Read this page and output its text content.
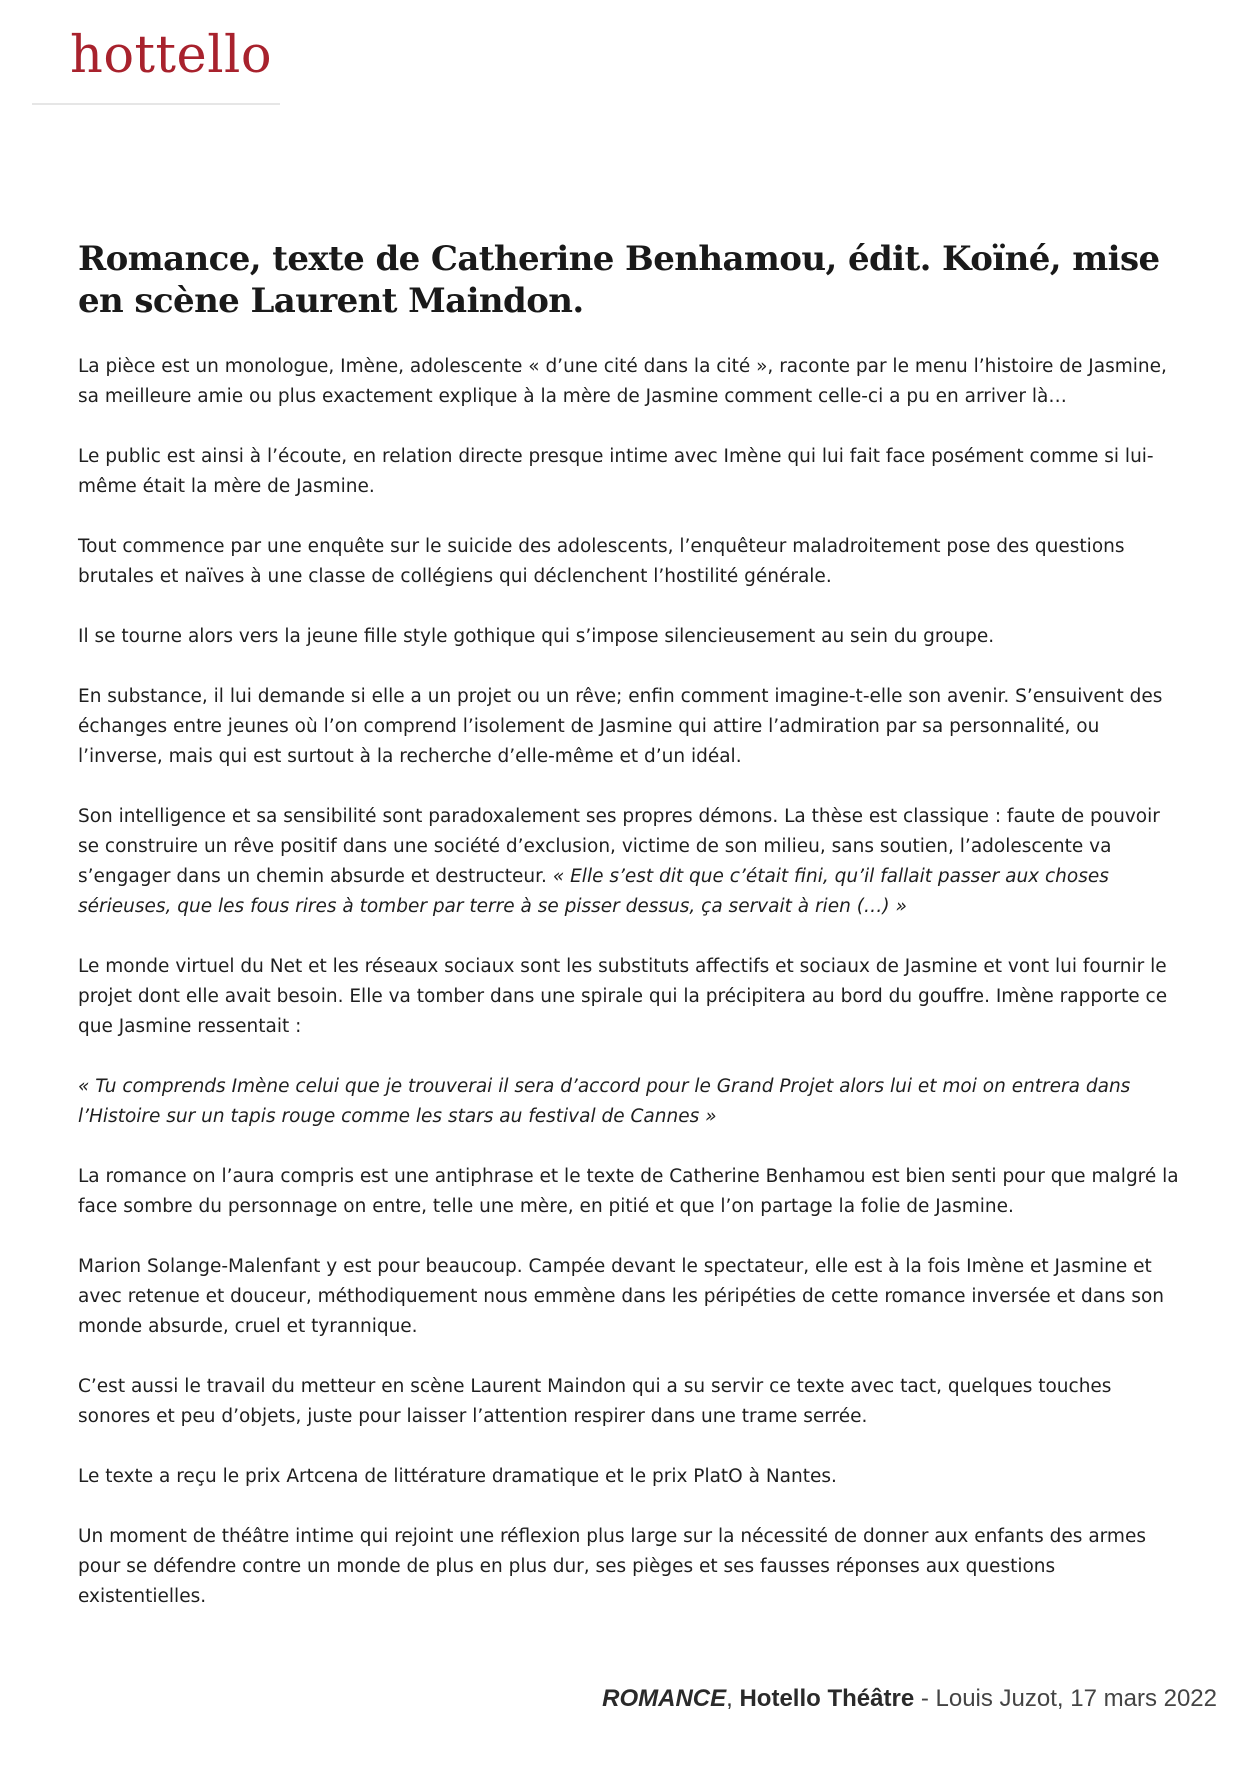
hottello
Romance, texte de Catherine Benhamou, édit. Koïné, mise en scène Laurent Maindon.

La pièce est un monologue, Imène, adolescente « d’une cité dans la cité », raconte par le menu l’histoire de Jasmine, sa meilleure amie ou plus exactement explique à la mère de Jasmine comment celle-ci a pu en arriver là…

Le public est ainsi à l’écoute, en relation directe presque intime avec Imène qui lui fait face posément comme si lui-même était la mère de Jasmine.

Tout commence par une enquête sur le suicide des adolescents, l’enquêteur maladroitement pose des questions brutales et naïves à une classe de collégiens qui déclenchent l’hostilité générale.

Il se tourne alors vers la jeune fille style gothique qui s’impose silencieusement au sein du groupe.

En substance, il lui demande si elle a un projet ou un rêve; enfin comment imagine-t-elle son avenir. S’ensuivent des échanges entre jeunes où l’on comprend l’isolement de Jasmine qui attire l’admiration par sa personnalité, ou l’inverse, mais qui est surtout à la recherche d’elle-même et d’un idéal.

Son intelligence et sa sensibilité sont paradoxalement ses propres démons. La thèse est classique : faute de pouvoir se construire un rêve positif dans une société d’exclusion, victime de son milieu, sans soutien, l’adolescente va s’engager dans un chemin absurde et destructeur. « Elle s’est dit que c’était fini, qu’il fallait passer aux choses sérieuses, que les fous rires à tomber par terre à se pisser dessus, ça servait à rien (…) »

Le monde virtuel du Net et les réseaux sociaux sont les substituts affectifs et sociaux de Jasmine et vont lui fournir le projet dont elle avait besoin. Elle va tomber dans une spirale qui la précipitera au bord du gouffre. Imène rapporte ce que Jasmine ressentait :

« Tu comprends Imène celui que je trouverai il sera d’accord pour le Grand Projet alors lui et moi on entrera dans l’Histoire sur un tapis rouge comme les stars au festival de Cannes »

La romance on l’aura compris est une antiphrase et le texte de Catherine Benhamou est bien senti pour que malgré la face sombre du personnage on entre, telle une mère, en pitié et que l’on partage la folie de Jasmine.

Marion Solange-Malenfant y est pour beaucoup. Campée devant le spectateur, elle est à la fois Imène et Jasmine et avec retenue et douceur, méthodiquement nous emmène dans les péripéties de cette romance inversée et dans son monde absurde, cruel et tyrannique.

C’est aussi le travail du metteur en scène Laurent Maindon qui a su servir ce texte avec tact, quelques touches sonores et peu d’objets, juste pour laisser l’attention respirer dans une trame serrée.

Le texte a reçu le prix Artcena de littérature dramatique et le prix PlatO à Nantes.

Un moment de théâtre intime qui rejoint une réflexion plus large sur la nécessité de donner aux enfants des armes pour se défendre contre un monde de plus en plus dur, ses pièges et ses fausses réponses aux questions existentielles.

ROMANCE, Hotello Théâtre - Louis Juzot, 17 mars 2022
